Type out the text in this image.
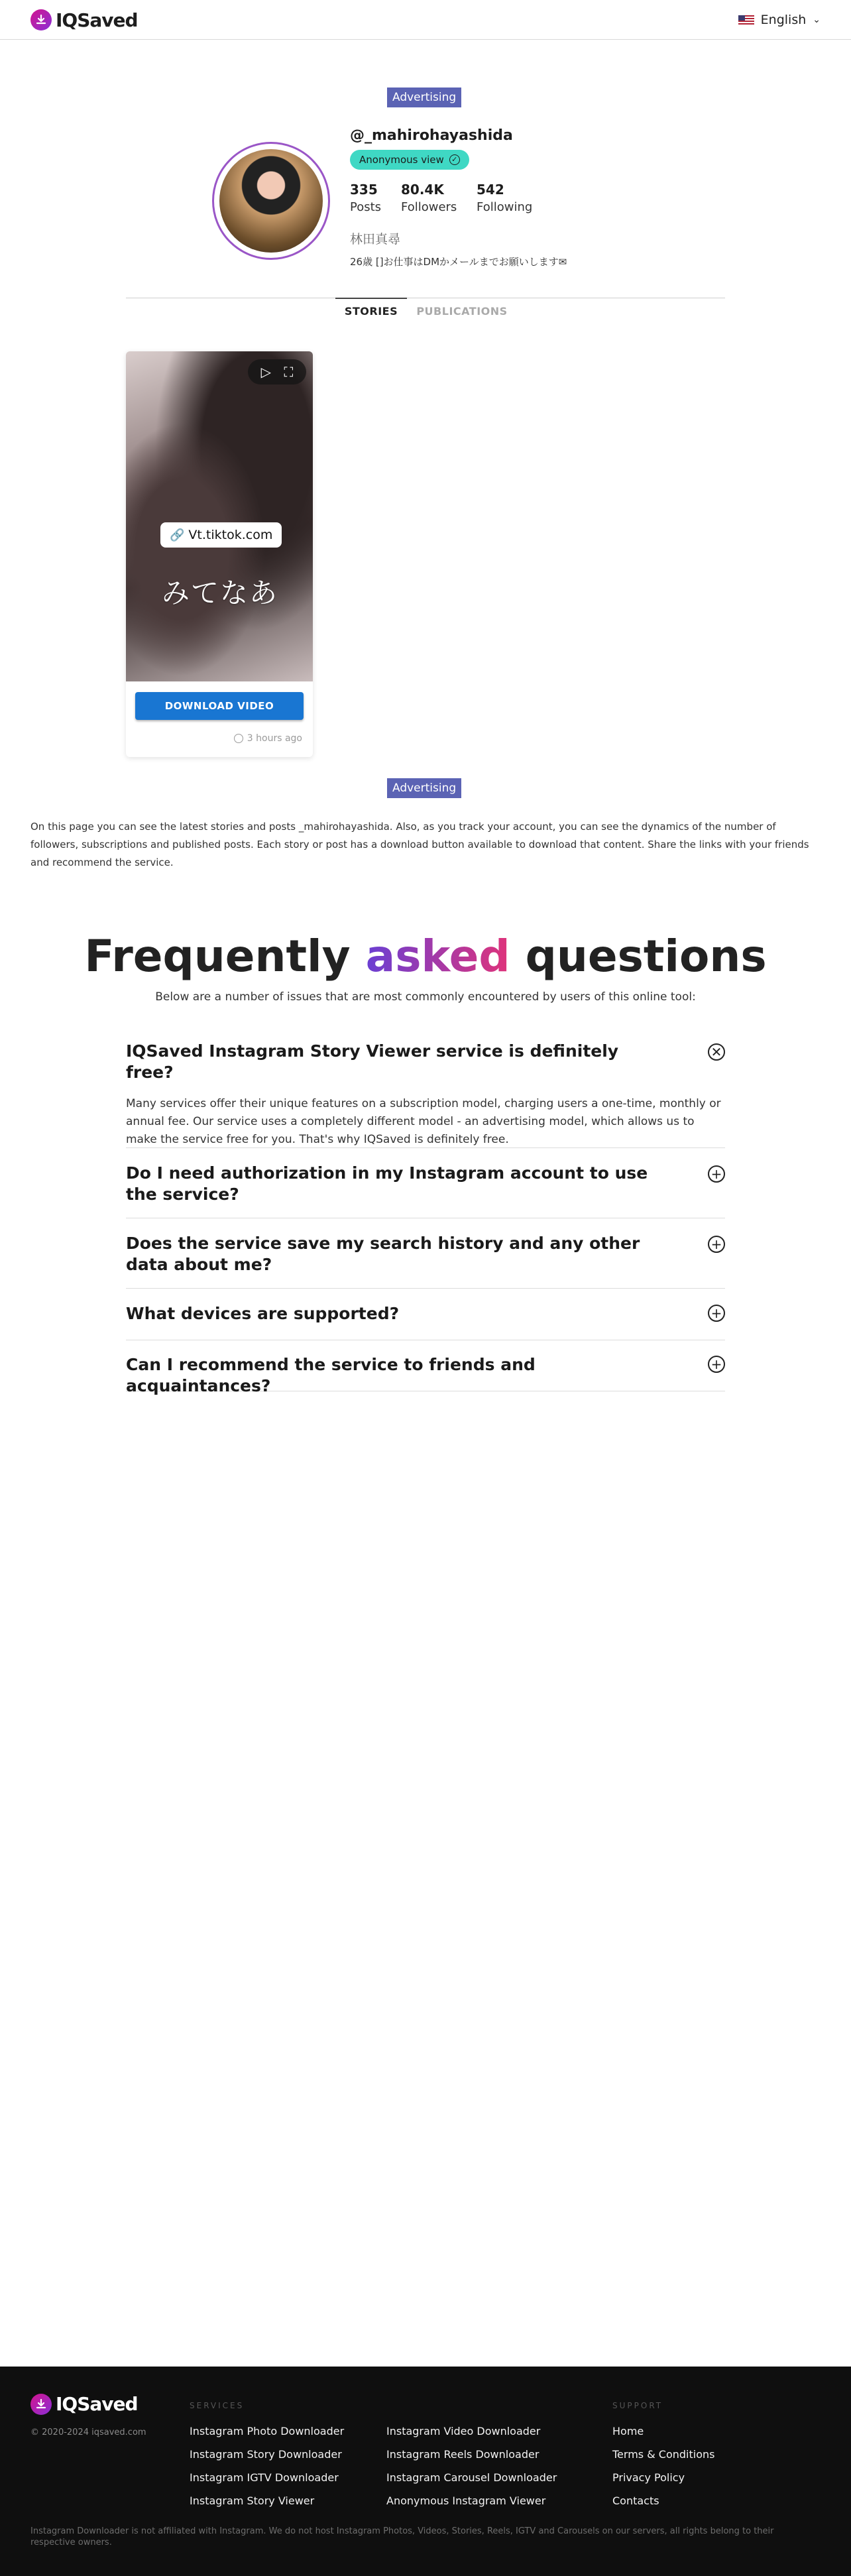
IQSaved	English ⌄
Advertising
@_mahirohayashida
Anonymous view	✓
335
Posts
80.4K
Followers
542
Following
林田真尋
26歳 []お仕事はDMかメールまでお願いします✉
STORIES	PUBLICATIONS
▷ ⛶
🔗 Vt.tiktok.com
みてなあ
DOWNLOAD VIDEO
3 hours ago
Advertising
On this page you can see the latest stories and posts _mahirohayashida. Also, as you track your account, you can see the dynamics of the number of followers, subscriptions and published posts. Each story or post has a download button available to download that content. Share the links with your friends and recommend the service.
Frequently asked questions
Below are a number of issues that are most commonly encountered by users of this online tool:
IQSaved Instagram Story Viewer service is definitely free?
✕
Many services offer their unique features on a subscription model, charging users a one-time, monthly or annual fee. Our service uses a completely different model - an advertising model, which allows us to make the service free for you. That's why IQSaved is definitely free.
Do I need authorization in my Instagram account to use the service?
+
Does the service save my search history and any other data about me?
+
What devices are supported?	+
Can I recommend the service to friends and acquaintances?
+
IQSaved
© 2020-2024 iqsaved.com
SERVICES
Instagram Photo Downloader
Instagram Story Downloader
Instagram IGTV Downloader
Instagram Story Viewer
Instagram Video Downloader
Instagram Reels Downloader
Instagram Carousel Downloader
Anonymous Instagram Viewer
SUPPORT
Home
Terms & Conditions
Privacy Policy
Contacts
Instagram Downloader is not affiliated with Instagram. We do not host Instagram Photos, Videos, Stories, Reels, IGTV and Carousels on our servers, all rights belong to their respective owners.
